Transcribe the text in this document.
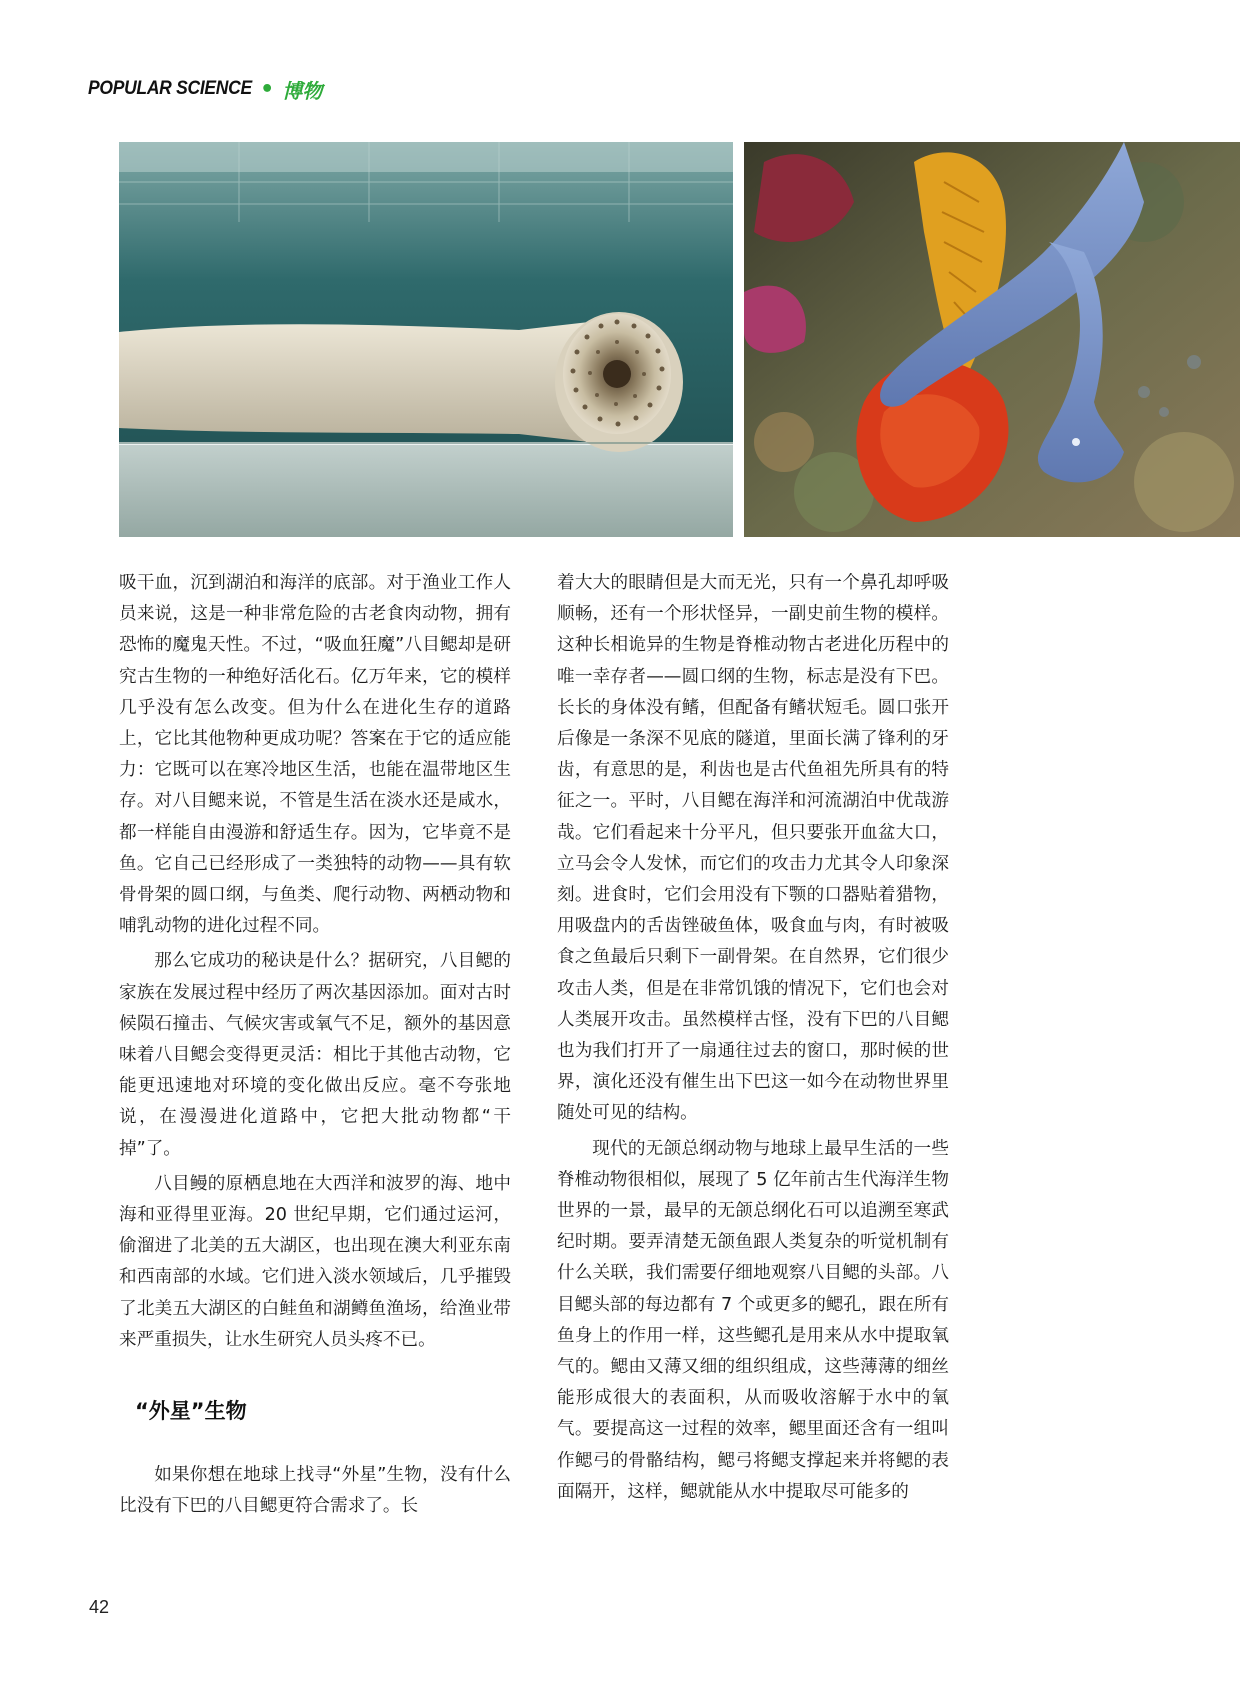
POPULAR SCIENCE • 博物

吸干血，沉到湖泊和海洋的底部。对于渔业工作人员来说，这是一种非常危险的古老食肉动物，拥有恐怖的魔鬼天性。不过，“吸血狂魔”八目鳃却是研究古生物的一种绝好活化石。亿万年来，它的模样几乎没有怎么改变。但为什么在进化生存的道路上，它比其他物种更成功呢？答案在于它的适应能力：它既可以在寒冷地区生活，也能在温带地区生存。对八目鳃来说，不管是生活在淡水还是咸水，都一样能自由漫游和舒适生存。因为，它毕竟不是鱼。它自己已经形成了一类独特的动物——具有软骨骨架的圆口纲，与鱼类、爬行动物、两栖动物和哺乳动物的进化过程不同。

那么它成功的秘诀是什么？据研究，八目鳃的家族在发展过程中经历了两次基因添加。面对古时候陨石撞击、气候灾害或氧气不足，额外的基因意味着八目鳃会变得更灵活：相比于其他古动物，它能更迅速地对环境的变化做出反应。毫不夸张地说，在漫漫进化道路中，它把大批动物都“干掉”了。

八目鳗的原栖息地在大西洋和波罗的海、地中海和亚得里亚海。20 世纪早期，它们通过运河，偷溜进了北美的五大湖区，也出现在澳大利亚东南和西南部的水域。它们进入淡水领域后，几乎摧毁了北美五大湖区的白鲑鱼和湖鳟鱼渔场，给渔业带来严重损失，让水生研究人员头疼不已。

“外星”生物

如果你想在地球上找寻“外星”生物，没有什么比没有下巴的八目鳃更符合需求了。长

着大大的眼睛但是大而无光，只有一个鼻孔却呼吸顺畅，还有一个形状怪异，一副史前生物的模样。这种长相诡异的生物是脊椎动物古老进化历程中的唯一幸存者——圆口纲的生物，标志是没有下巴。长长的身体没有鳍，但配备有鳍状短毛。圆口张开后像是一条深不见底的隧道，里面长满了锋利的牙齿，有意思的是，利齿也是古代鱼祖先所具有的特征之一。平时，八目鳃在海洋和河流湖泊中优哉游哉。它们看起来十分平凡，但只要张开血盆大口，立马会令人发怵，而它们的攻击力尤其令人印象深刻。进食时，它们会用没有下颚的口器贴着猎物，用吸盘内的舌齿锉破鱼体，吸食血与肉，有时被吸食之鱼最后只剩下一副骨架。在自然界，它们很少攻击人类，但是在非常饥饿的情况下，它们也会对人类展开攻击。虽然模样古怪，没有下巴的八目鳃也为我们打开了一扇通往过去的窗口，那时候的世界，演化还没有催生出下巴这一如今在动物世界里随处可见的结构。

现代的无颌总纲动物与地球上最早生活的一些脊椎动物很相似，展现了 5 亿年前古生代海洋生物世界的一景，最早的无颌总纲化石可以追溯至寒武纪时期。要弄清楚无颌鱼跟人类复杂的听觉机制有什么关联，我们需要仔细地观察八目鳃的头部。八目鳃头部的每边都有 7 个或更多的鳃孔，跟在所有鱼身上的作用一样，这些鳃孔是用来从水中提取氧气的。鳃由又薄又细的组织组成，这些薄薄的细丝能形成很大的表面积，从而吸收溶解于水中的氧气。要提高这一过程的效率，鳃里面还含有一组叫作鳃弓的骨骼结构，鳃弓将鳃支撑起来并将鳃的表面隔开，这样，鳃就能从水中提取尽可能多的

42
